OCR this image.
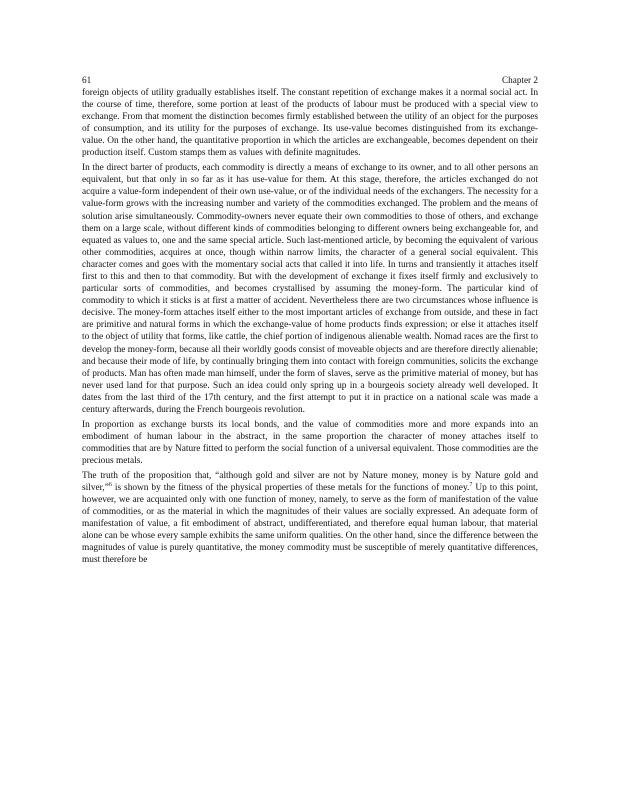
61	Chapter 2

foreign objects of utility gradually establishes itself. The constant repetition of exchange makes it a normal social act. In the course of time, therefore, some portion at least of the products of labour must be produced with a special view to exchange. From that moment the distinction becomes firmly established between the utility of an object for the purposes of consumption, and its utility for the purposes of exchange. Its use-value becomes distinguished from its exchange-value. On the other hand, the quantitative proportion in which the articles are exchangeable, becomes dependent on their production itself. Custom stamps them as values with definite magnitudes.

In the direct barter of products, each commodity is directly a means of exchange to its owner, and to all other persons an equivalent, but that only in so far as it has use-value for them. At this stage, therefore, the articles exchanged do not acquire a value-form independent of their own use-value, or of the individual needs of the exchangers. The necessity for a value-form grows with the increasing number and variety of the commodities exchanged. The problem and the means of solution arise simultaneously. Commodity-owners never equate their own commodities to those of others, and exchange them on a large scale, without different kinds of commodities belonging to different owners being exchangeable for, and equated as values to, one and the same special article. Such last-mentioned article, by becoming the equivalent of various other commodities, acquires at once, though within narrow limits, the character of a general social equivalent. This character comes and goes with the momentary social acts that called it into life. In turns and transiently it attaches itself first to this and then to that commodity. But with the development of exchange it fixes itself firmly and exclusively to particular sorts of commodities, and becomes crystallised by assuming the money-form. The particular kind of commodity to which it sticks is at first a matter of accident. Nevertheless there are two circumstances whose influence is decisive. The money-form attaches itself either to the most important articles of exchange from outside, and these in fact are primitive and natural forms in which the exchange-value of home products finds expression; or else it attaches itself to the object of utility that forms, like cattle, the chief portion of indigenous alienable wealth. Nomad races are the first to develop the money-form, because all their worldly goods consist of moveable objects and are therefore directly alienable; and because their mode of life, by continually bringing them into contact with foreign communities, solicits the exchange of products. Man has often made man himself, under the form of slaves, serve as the primitive material of money, but has never used land for that purpose. Such an idea could only spring up in a bourgeois society already well developed. It dates from the last third of the 17th century, and the first attempt to put it in practice on a national scale was made a century afterwards, during the French bourgeois revolution.

In proportion as exchange bursts its local bonds, and the value of commodities more and more expands into an embodiment of human labour in the abstract, in the same proportion the character of money attaches itself to commodities that are by Nature fitted to perform the social function of a universal equivalent. Those commodities are the precious metals.

The truth of the proposition that, “although gold and silver are not by Nature money, money is by Nature gold and silver,”$^6$ is shown by the fitness of the physical properties of these metals for the functions of money.$^7$ Up to this point, however, we are acquainted only with one function of money, namely, to serve as the form of manifestation of the value of commodities, or as the material in which the magnitudes of their values are socially expressed. An adequate form of manifestation of value, a fit embodiment of abstract, undifferentiated, and therefore equal human labour, that material alone can be whose every sample exhibits the same uniform qualities. On the other hand, since the difference between the magnitudes of value is purely quantitative, the money commodity must be susceptible of merely quantitative differences, must therefore be
